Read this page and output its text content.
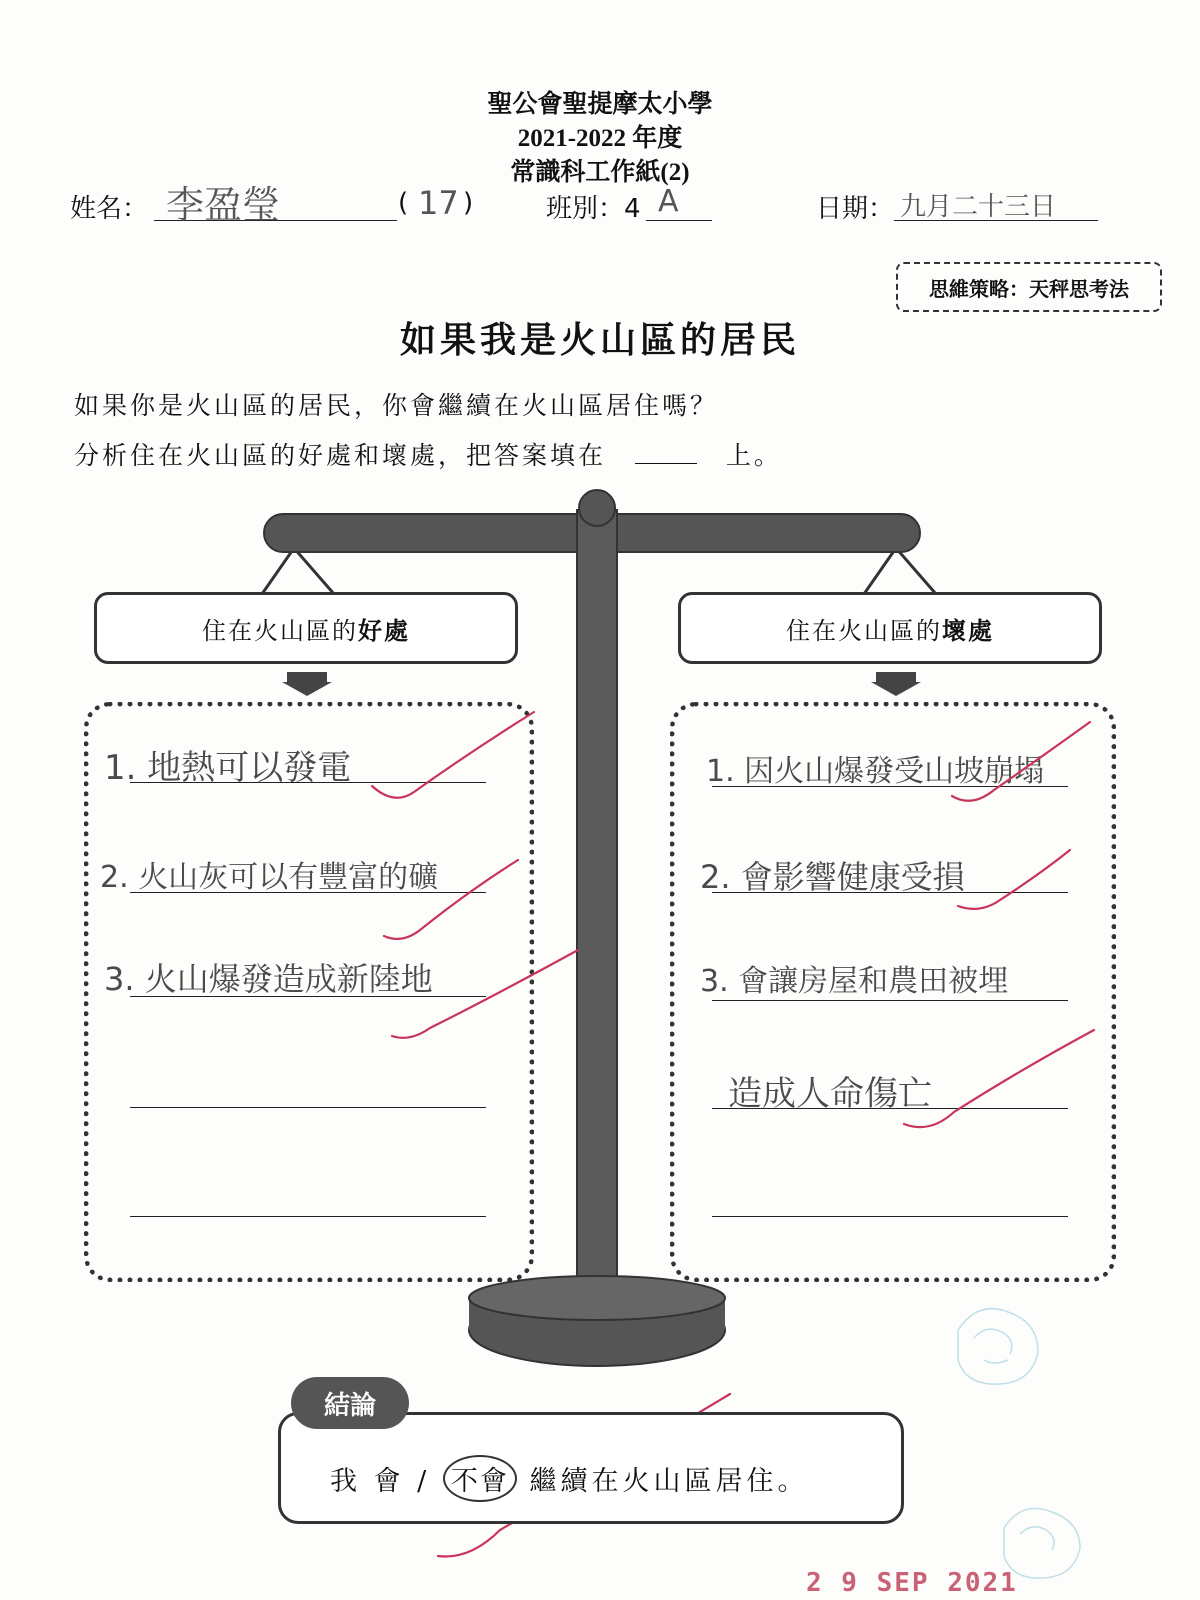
聖公會聖提摩太小學
2021-2022 年度
常識科工作紙(2)
姓名： 李盈瑩	( 17 )	班別：4 A	日期： 九月二十三日
思維策略：天秤思考法
如果我是火山區的居民
如果你是火山區的居民，你會繼續在火山區居住嗎？
分析住在火山區的好處和壞處，把答案填在	上。
住在火山區的 好處	住在火山區的 壞處
1. 地熱可以發電
2. 火山灰可以有豐富的礦
3. 火山爆發造成新陸地
1. 因火山爆發受山坡崩塌
2. 會影響健康受損
3. 會讓房屋和農田被埋
造成人命傷亡
結論
我 會 / 不會 繼續在火山區居住。
2 9 SEP 2021
